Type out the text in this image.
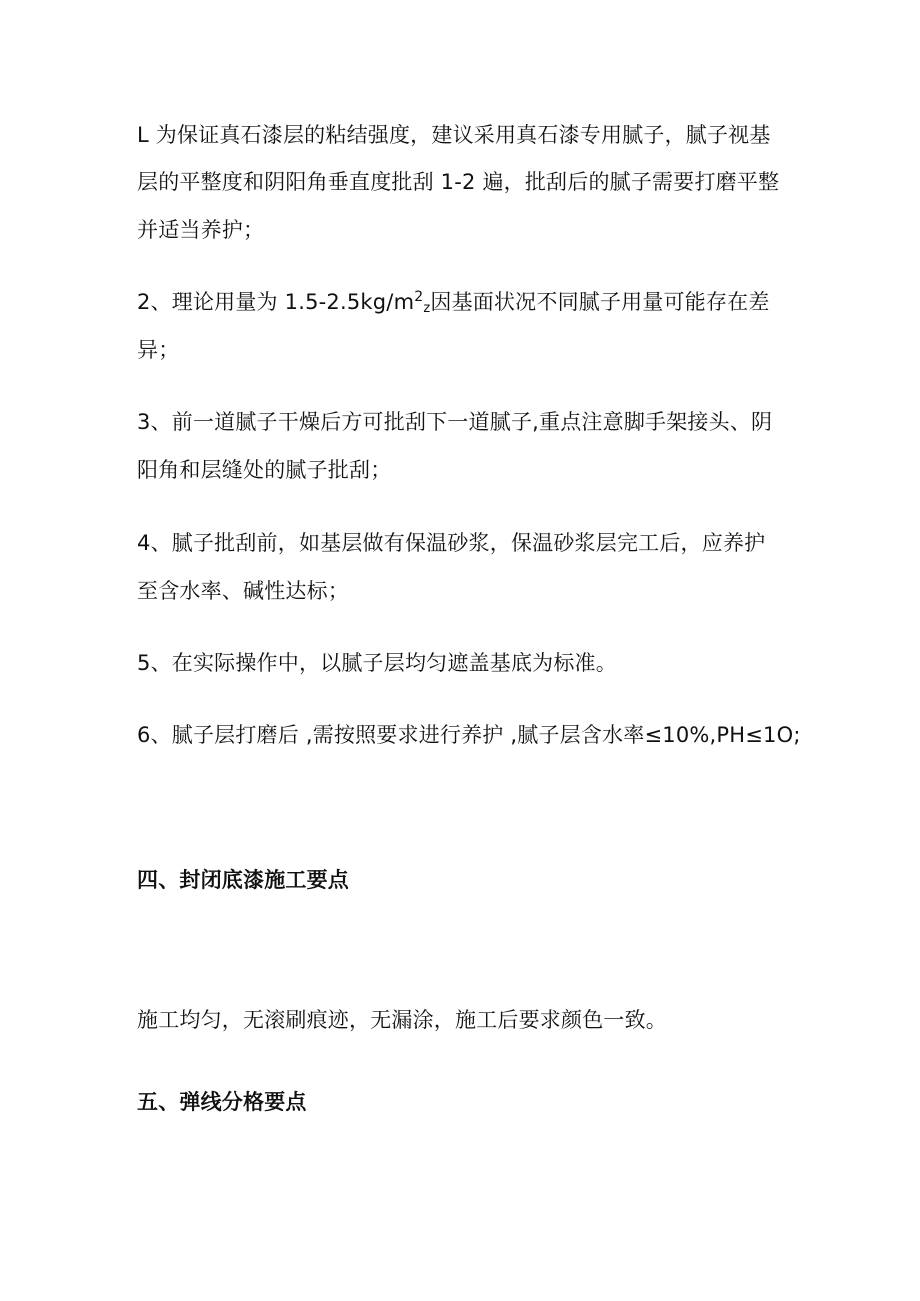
L 为保证真石漆层的粘结强度，建议采用真石漆专用腻子，腻子视基
层的平整度和阴阳角垂直度批刮 1-2 遍，批刮后的腻子需要打磨平整
并适当养护；
2、理论用量为 $1.5-2.5kg/m^2_z$因基面状况不同腻子用量可能存在差
异；
3、前一道腻子干燥后方可批刮下一道腻子,重点注意脚手架接头、阴
阳角和层缝处的腻子批刮；
4、腻子批刮前，如基层做有保温砂浆，保温砂浆层完工后，应养护
至含水率、碱性达标；
5、在实际操作中，以腻子层均匀遮盖基底为标准。
6、腻子层打磨后 ,需按照要求进行养护 ,腻子层含水率≤10%,PH≤1O;
四、封闭底漆施工要点
施工均匀，无滚刷痕迹，无漏涂，施工后要求颜色一致。
五、弹线分格要点
